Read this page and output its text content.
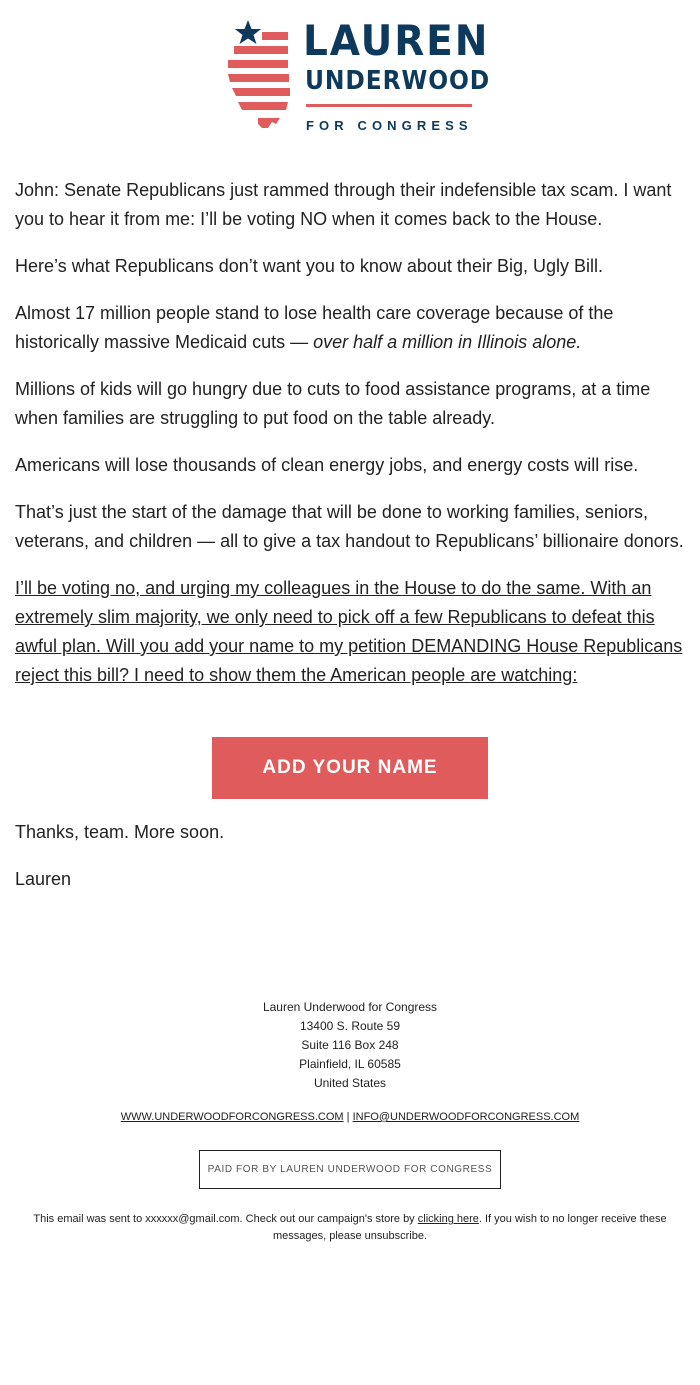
LAUREN
UNDERWOOD
FOR CONGRESS

John: Senate Republicans just rammed through their indefensible tax scam. I want you to hear it from me: I’ll be voting NO when it comes back to the House.

Here’s what Republicans don’t want you to know about their Big, Ugly Bill.

Almost 17 million people stand to lose health care coverage because of the historically massive Medicaid cuts — over half a million in Illinois alone.

Millions of kids will go hungry due to cuts to food assistance programs, at a time when families are struggling to put food on the table already.

Americans will lose thousands of clean energy jobs, and energy costs will rise.

That’s just the start of the damage that will be done to working families, seniors, veterans, and children — all to give a tax handout to Republicans’ billionaire donors.

I’ll be voting no, and urging my colleagues in the House to do the same. With an extremely slim majority, we only need to pick off a few Republicans to defeat this awful plan. Will you add your name to my petition DEMANDING House Republicans reject this bill? I need to show them the American people are watching:

ADD YOUR NAME

Thanks, team. More soon.

Lauren

Lauren Underwood for Congress
13400 S. Route 59
Suite 116 Box 248
Plainfield, IL 60585
United States
WWW.UNDERWOODFORCONGRESS.COM | INFO@UNDERWOODFORCONGRESS.COM
PAID FOR BY LAUREN UNDERWOOD FOR CONGRESS
This email was sent to xxxxxx@gmail.com. Check out our campaign's store by clicking here. If you wish to no longer receive these messages, please unsubscribe.
